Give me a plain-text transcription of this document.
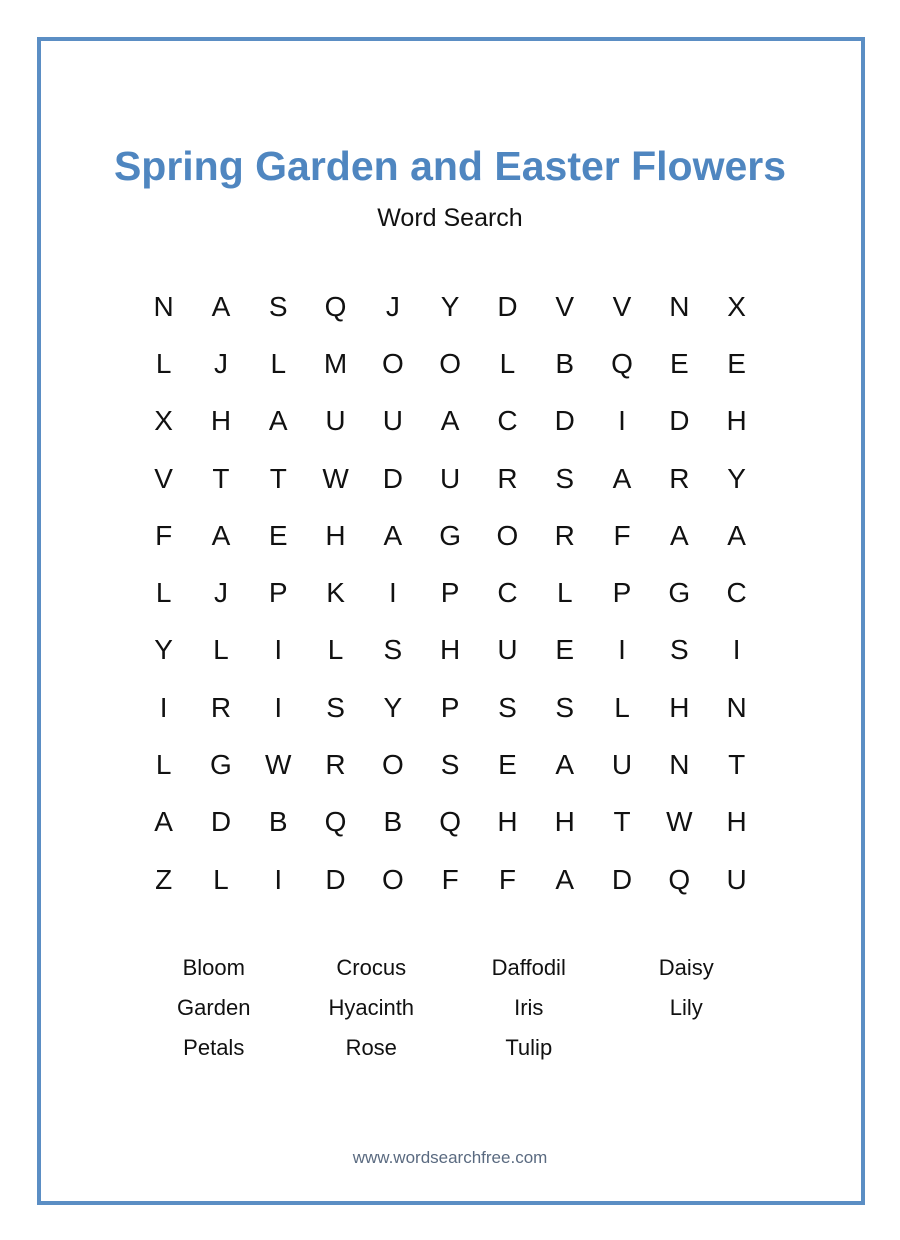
Spring Garden and Easter Flowers
Word Search
N	A	S	Q	J	Y	D	V	V	N	X
L	J	L	M	O	O	L	B	Q	E	E
X	H	A	U	U	A	C	D	I	D	H
V	T	T	W	D	U	R	S	A	R	Y
F	A	E	H	A	G	O	R	F	A	A
L	J	P	K	I	P	C	L	P	G	C
Y	L	I	L	S	H	U	E	I	S	I
I	R	I	S	Y	P	S	S	L	H	N
L	G	W	R	O	S	E	A	U	N	T
A	D	B	Q	B	Q	H	H	T	W	H
Z	L	I	D	O	F	F	A	D	Q	U
Bloom	Crocus	Daffodil	Daisy
Garden	Hyacinth	Iris	Lily
Petals	Rose	Tulip
www.wordsearchfree.com
